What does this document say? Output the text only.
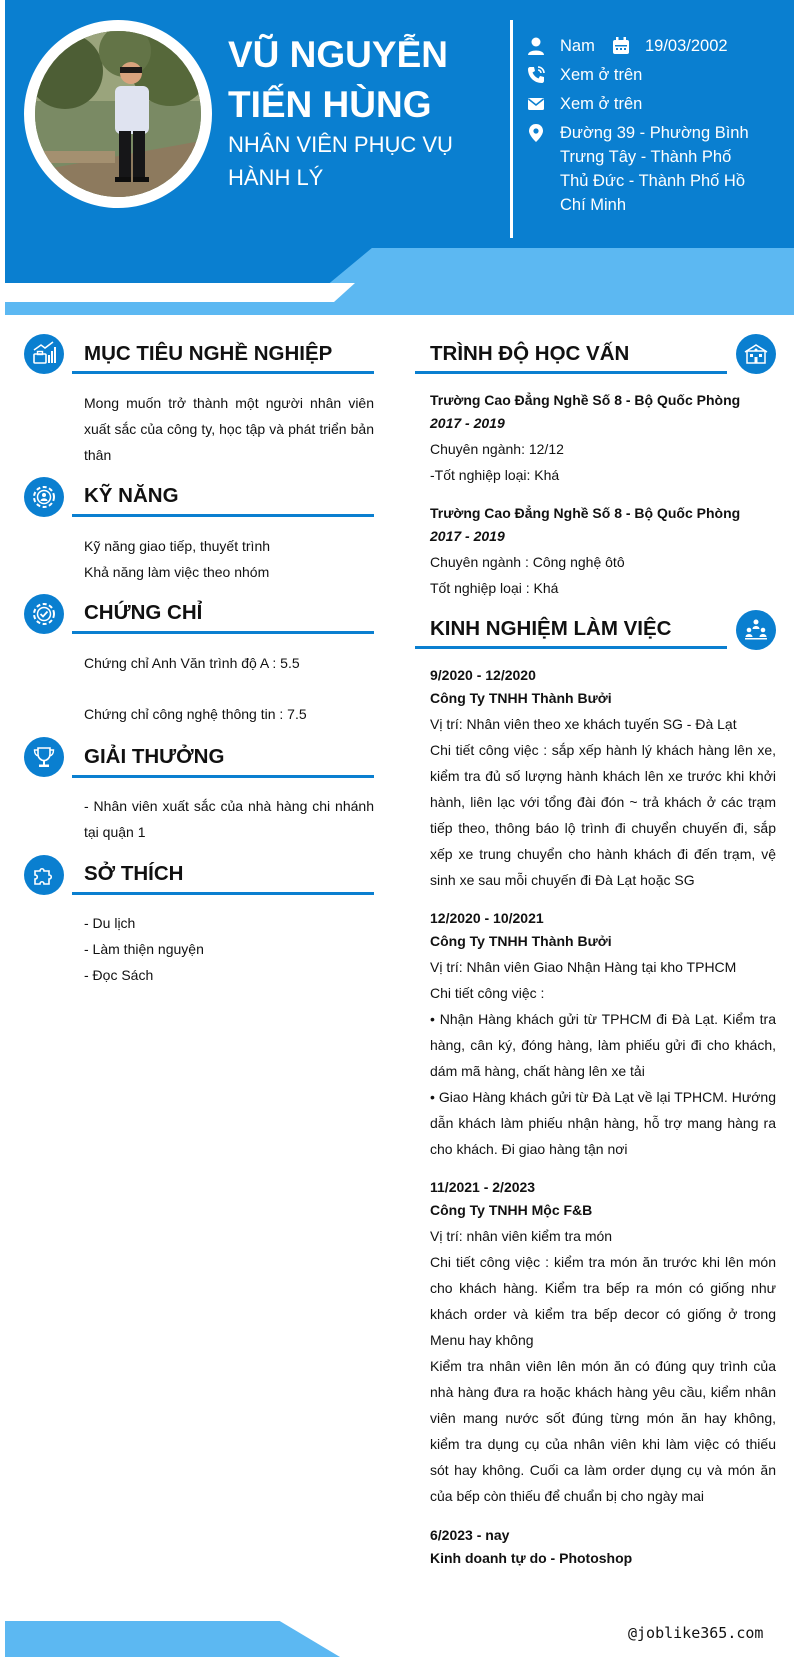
VŨ NGUYỄN
TIẾN HÙNG
NHÂN VIÊN PHỤC VỤ
HÀNH LÝ
Nam	19/03/2002
Xem ở trên
Xem ở trên
Đường 39 - Phường Bình
Trưng Tây - Thành Phố
Thủ Đức - Thành Phố Hồ
Chí Minh
MỤC TIÊU NGHỀ NGHIỆP

Mong muốn trở thành một người nhân viên xuất sắc của công ty, học tập và phát triển bản thân

KỸ NĂNG

Kỹ năng giao tiếp, thuyết trình

Khả năng làm việc theo nhóm

CHỨNG CHỈ

Chứng chỉ Anh Văn trình độ A : 5.5

Chứng chỉ công nghệ thông tin : 7.5

GIẢI THƯỞNG

- Nhân viên xuất sắc của nhà hàng chi nhánh tại quận 1

SỞ THÍCH

- Du lịch

- Làm thiện nguyện

- Đọc Sách

TRÌNH ĐỘ HỌC VẤN

Trường Cao Đẳng Nghề Số 8 - Bộ Quốc Phòng

2017 - 2019

Chuyên ngành: 12/12

-Tốt nghiệp loại: Khá

Trường Cao Đẳng Nghề Số 8 - Bộ Quốc Phòng

2017 - 2019

Chuyên ngành : Công nghệ ôtô

Tốt nghiệp loại : Khá

KINH NGHIỆM LÀM VIỆC

9/2020 - 12/2020

Công Ty TNHH Thành Bưởi

Vị trí: Nhân viên theo xe khách tuyến SG - Đà Lạt

Chi tiết công việc : sắp xếp hành lý khách hàng lên xe, kiểm tra đủ số lượng hành khách lên xe trước khi khởi hành, liên lạc với tổng đài đón ~ trả khách ở các trạm tiếp theo, thông báo lộ trình đi chuyển chuyến đi, sắp xếp xe trung chuyển cho hành khách đi đến trạm, vệ sinh xe sau mỗi chuyến đi Đà Lạt hoặc SG

12/2020 - 10/2021

Công Ty TNHH Thành Bưởi

Vị trí: Nhân viên Giao Nhận Hàng tại kho TPHCM

Chi tiết công việc :

• Nhận Hàng khách gửi từ TPHCM đi Đà Lạt. Kiểm tra hàng, cân ký, đóng hàng, làm phiếu gửi đi cho khách, dám mã hàng, chất hàng lên xe tải

• Giao Hàng khách gửi từ Đà Lạt về lại TPHCM. Hướng dẫn khách làm phiếu nhận hàng, hỗ trợ mang hàng ra cho khách. Đi giao hàng tận nơi

11/2021 - 2/2023

Công Ty TNHH Mộc F&B

Vị trí: nhân viên kiểm tra món

Chi tiết công việc : kiểm tra món ăn trước khi lên món cho khách hàng. Kiểm tra bếp ra món có giống như khách order và kiểm tra bếp decor có giống ở trong Menu hay không

Kiểm tra nhân viên lên món ăn có đúng quy trình của nhà hàng đưa ra hoặc khách hàng yêu cầu, kiểm nhân viên mang nước sốt đúng từng món ăn hay không, kiểm tra dụng cụ của nhân viên khi làm việc có thiếu sót hay không. Cuối ca làm order dụng cụ và món ăn của bếp còn thiếu để chuẩn bị cho ngày mai

6/2023 - nay

Kinh doanh tự do - Photoshop

@joblike365.com
